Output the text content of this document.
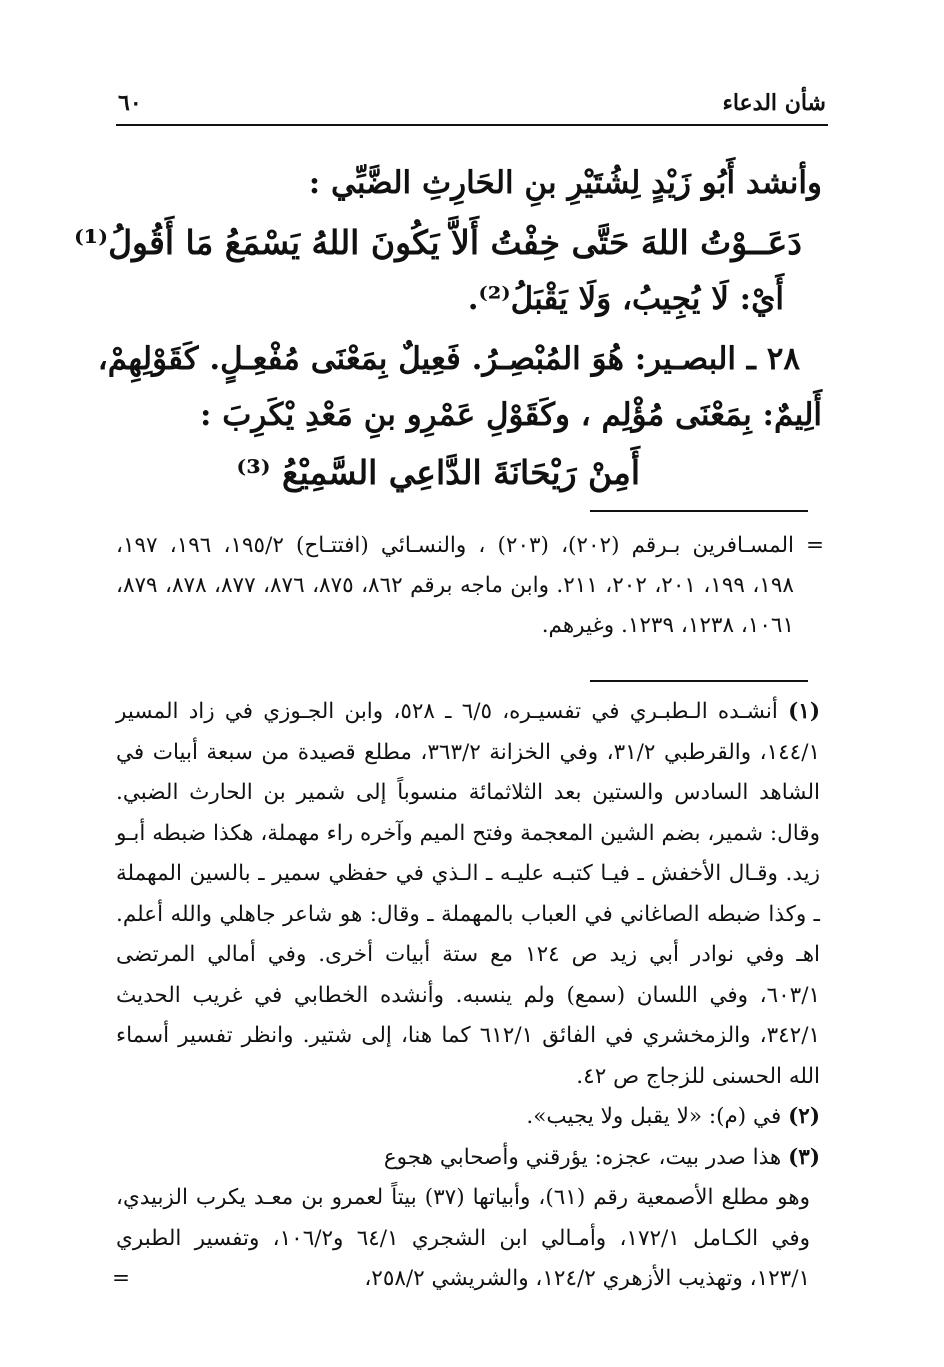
شأن الدعاء
٦٠
وأنشد أَبُو زَيْدٍ لِشُتَيْرِ بنِ الحَارِثِ الضَّبِّي :
دَعَــوْتُ اللهَ حَتَّى خِفْتُ أَلاَّ يَكُونَ اللهُ يَسْمَعُ مَا أَقُولُ⁽¹⁾
أَيْ: لَا يُجِيبُ، وَلَا يَقْبَلُ⁽²⁾.
٢٨ ـ البصـير: هُوَ المُبْصِـرُ. فَعِيلٌ بِمَعْنَى مُفْعِـلٍ. كَقَوْلِهِمْ،
أَلِيمٌ: بِمَعْنَى مُؤْلِم ، وكَقَوْلِ عَمْرِو بنِ مَعْدِ يْكَرِبَ :
أَمِنْ رَيْحَانَةَ الدَّاعِي السَّمِيْعُ ⁽³⁾
=
المسـافرين بـرقم (٢٠٢)، (٢٠٣) ، والنسـائي (افتتـاح) ١٩٥/٢، ١٩٦، ١٩٧، ١٩٨، ١٩٩، ٢٠١، ٢٠٢، ٢١١. وابن ماجه برقم ٨٦٢، ٨٧٥، ٨٧٦، ٨٧٧، ٨٧٨، ٨٧٩، ١٠٦١، ١٢٣٨، ١٢٣٩. وغيرهم.
(١) أنشـده الـطبـري في تفسيـره، ٦/٥ ـ ٥٢٨، وابن الجـوزي في زاد المسير ١٤٤/١، والقرطبي ٣١/٢، وفي الخزانة ٣٦٣/٢، مطلع قصيدة من سبعة أبيات في الشاهد السادس والستين بعد الثلاثمائة منسوباً إلى شمير بن الحارث الضبي. وقال: شمير، بضم الشين المعجمة وفتح الميم وآخره راء مهملة، هكذا ضبطه أبـو زيد. وقـال الأخفش ـ فيـا كتبـه عليـه ـ الـذي في حفظي سمير ـ بالسين المهملة ـ وكذا ضبطه الصاغاني في العباب بالمهملة ـ وقال: هو شاعر جاهلي والله أعلم. اهـ وفي نوادر أبي زيد ص ١٢٤ مع ستة أبيات أخرى. وفي أمالي المرتضى ٦٠٣/١، وفي اللسان (سمع) ولم ينسبه. وأنشده الخطابي في غريب الحديث ٣٤٢/١، والزمخشري في الفائق ٦١٢/١ كما هنا، إلى شتير. وانظر تفسير أسماء الله الحسنى للزجاج ص ٤٢.
(٢) في (م): «لا يقبل ولا يجيب».
(٣) هذا صدر بيت، عجزه: يؤرقني وأصحابي هجوع
وهو مطلع الأصمعية رقم (٦١)، وأبياتها (٣٧) بيتاً لعمرو بن معـد يكرب الزبيدي، وفي الكـامل ١٧٢/١، وأمـالي ابن الشجري ٦٤/١ و١٠٦/٢، وتفسير الطبري ١٢٣/١، وتهذيب الأزهري ١٢٤/٢، والشريشي ٢٥٨/٢،
=
